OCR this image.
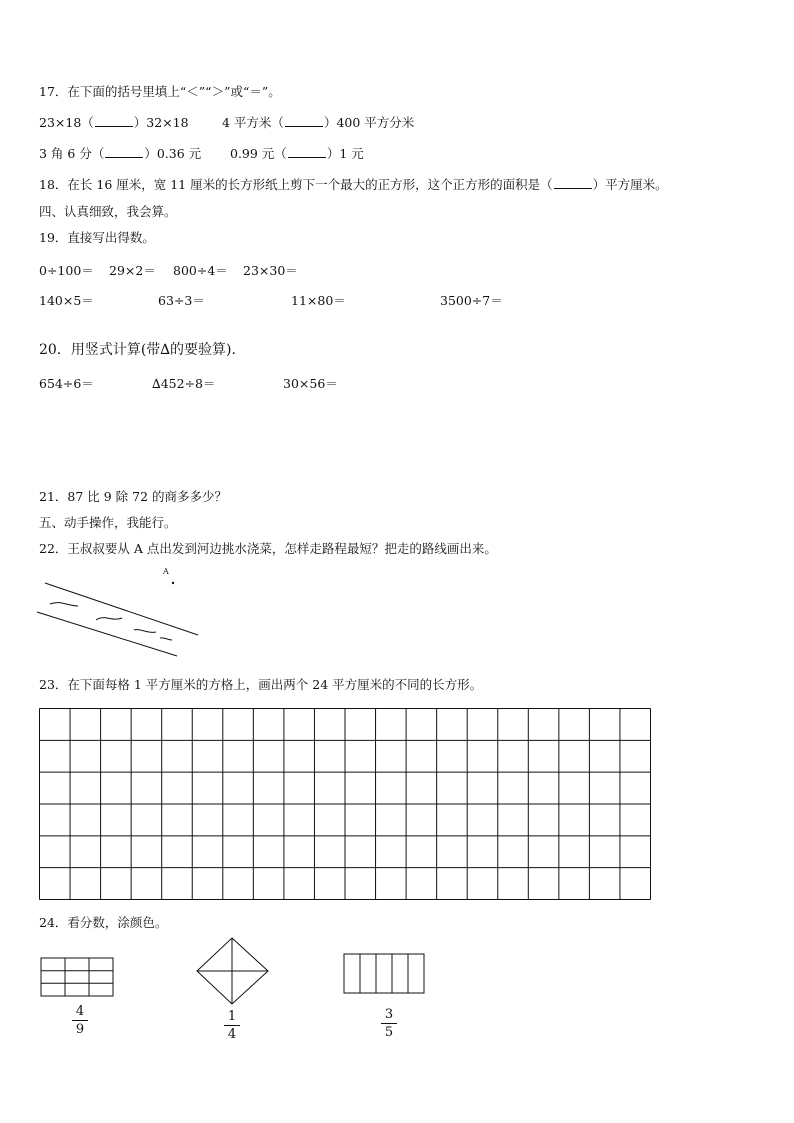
17．在下面的括号里填上“＜”“＞”或“＝”。
23×18（	）32×18	4 平方米（	）400 平方分米
3 角 6 分（	）0.36 元 0.99 元（	）1 元
18．在长 16 厘米，宽 11 厘米的长方形纸上剪下一个最大的正方形，这个正方形的面积是（	）平方厘米。
四、认真细致，我会算。
19．直接写出得数。
0÷100＝ 29×2＝ 800÷4＝ 23×30＝
140×5＝	63÷3＝	11×80＝	3500÷7＝
20．用竖式计算(带∆的要验算)．
654÷6＝	∆452÷8＝	30×56＝
21．87 比 9 除 72 的商多多少？
五、动手操作，我能行。
22．王叔叔要从 A 点出发到河边挑水浇菜，怎样走路程最短？把走的路线画出来。
A
23．在下面每格 1 平方厘米的方格上，画出两个 24 平方厘米的不同的长方形。
24．看分数，涂颜色。
4
9
1
4
3
5
